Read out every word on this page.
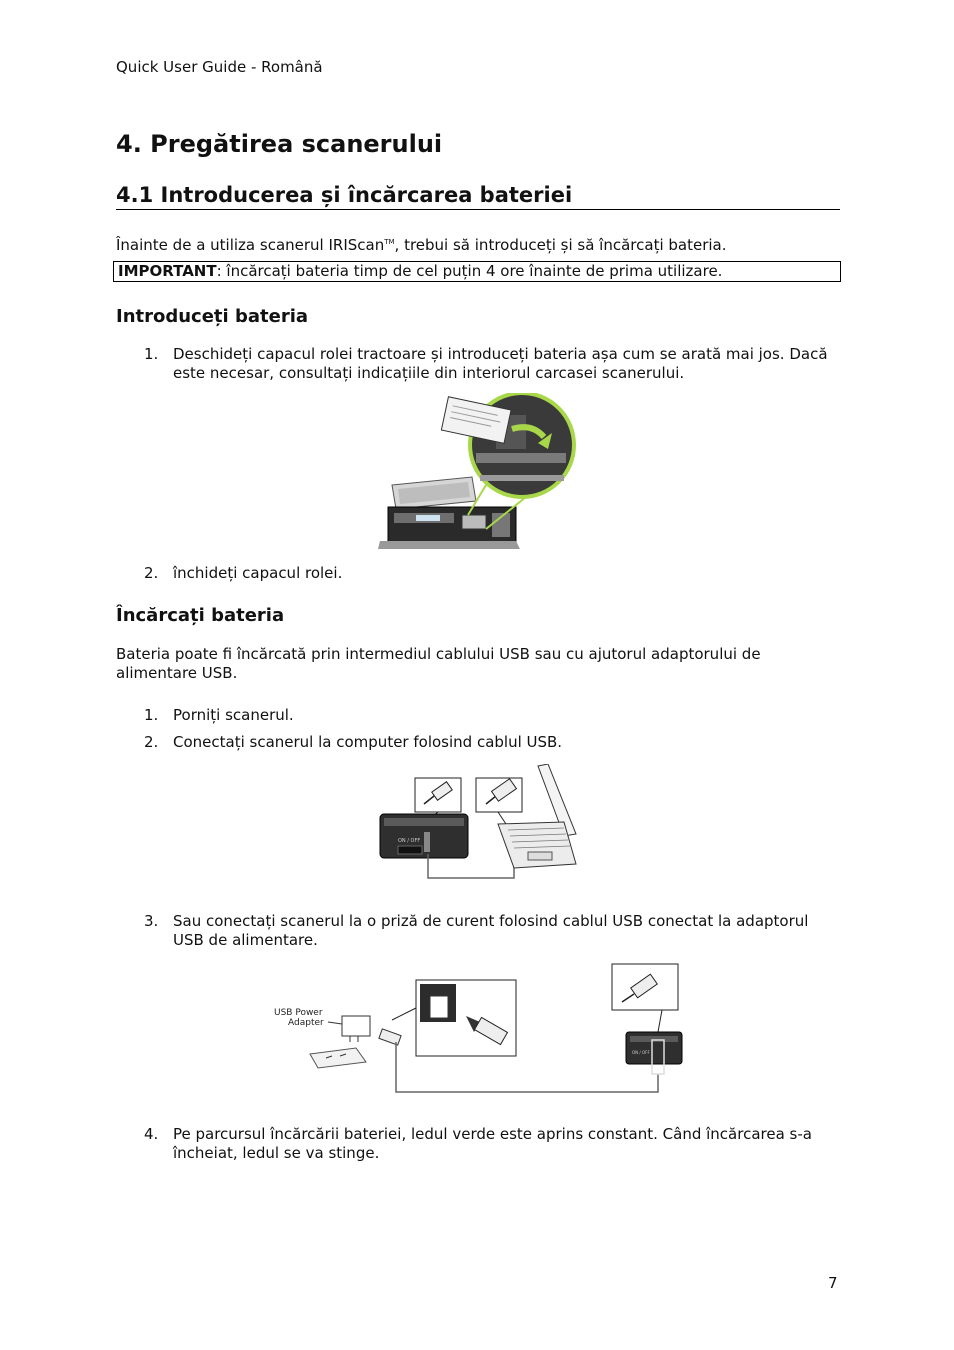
Quick User Guide - Română
4. Pregătirea scanerului
4.1 Introducerea și încărcarea bateriei

Înainte de a utiliza scanerul IRIScan™, trebui să introduceți și să încărcați bateria.

IMPORTANT: încărcați bateria timp de cel puțin 4 ore înainte de prima utilizare.
Introduceți bateria
1. Deschideți capacul rolei tractoare și introduceți bateria așa cum se arată mai jos. Dacă este necesar, consultați indicațiile din interiorul carcasei scanerului.
2. închideți capacul rolei.
Încărcați bateria

Bateria poate fi încărcată prin intermediul cablului USB sau cu ajutorul adaptorului de alimentare USB.

1. Porniți scanerul.
2. Conectați scanerul la computer folosind cablul USB.
ON / OFF
3. Sau conectați scanerul la o priză de curent folosind cablul USB conectat la adaptorul USB de alimentare.
USB Power
Adapter
ON / OFF
4. Pe parcursul încărcării bateriei, ledul verde este aprins constant. Când încărcarea s-a încheiat, ledul se va stinge.
7
